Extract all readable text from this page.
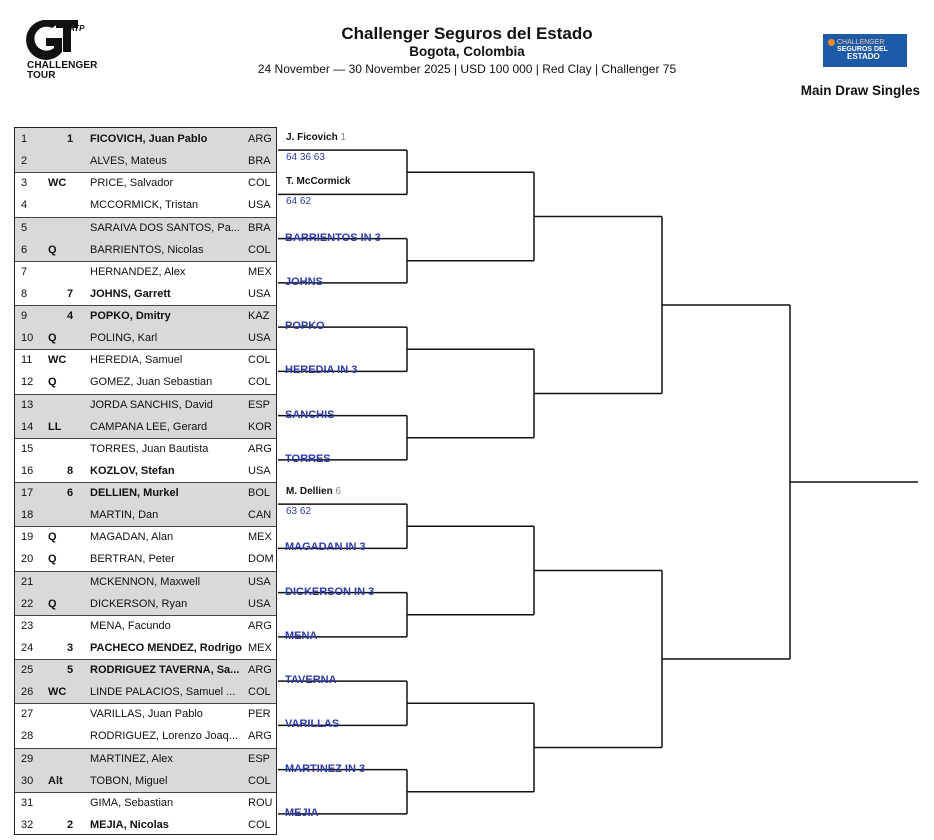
ATP
CHALLENGER
TOUR
Challenger Seguros del Estado
Bogota, Colombia
24 November — 30 November 2025 | USD 100 000 | Red Clay | Challenger 75
CHALLENGER
SEGUROS DEL
ESTADO
Main Draw Singles
1	1 FICOVICH, Juan Pablo	ARG
2	ALVES, Mateus	BRA
3 WC PRICE, Salvador	COL
4	MCCORMICK, Tristan	USA
5	SARAIVA DOS SANTOS, Pa... BRA
6 Q	BARRIENTOS, Nicolas	COL
7	HERNANDEZ, Alex	MEX
8	7 JOHNS, Garrett	USA
9	4 POPKO, Dmitry	KAZ
10 Q	POLING, Karl	USA
11 WC HEREDIA, Samuel	COL
12 Q	GOMEZ, Juan Sebastian	COL
13	JORDA SANCHIS, David	ESP
14 LL	CAMPANA LEE, Gerard	KOR
15	TORRES, Juan Bautista	ARG
16	8 KOZLOV, Stefan	USA
17	6 DELLIEN, Murkel	BOL
18	MARTIN, Dan	CAN
19 Q	MAGADAN, Alan	MEX
20 Q	BERTRAN, Peter	DOM
21	MCKENNON, Maxwell	USA
22 Q	DICKERSON, Ryan	USA
23	MENA, Facundo	ARG
24	3 PACHECO MENDEZ, Rodrigo MEX
25	5 RODRIGUEZ TAVERNA, Sa... ARG
26 WC LINDE PALACIOS, Samuel ...	COL
27	VARILLAS, Juan Pablo	PER
28	RODRIGUEZ, Lorenzo Joaq... ARG
29	MARTINEZ, Alex	ESP
30 Alt TOBON, Miguel	COL
31	GIMA, Sebastian	ROU
32	2 MEJIA, Nicolas	COL
J. Ficovich 1
64 36 63
T. McCormick
64 62
BARRIENTOS IN 3
JOHNS
POPKO
HEREDIA IN 3
SANCHIS
TORRES
M. Dellien 6
63 62
MAGADAN IN 3
DICKERSON IN 3
MENA
TAVERNA
VARILLAS
MARTINEZ IN 3
MEJIA
